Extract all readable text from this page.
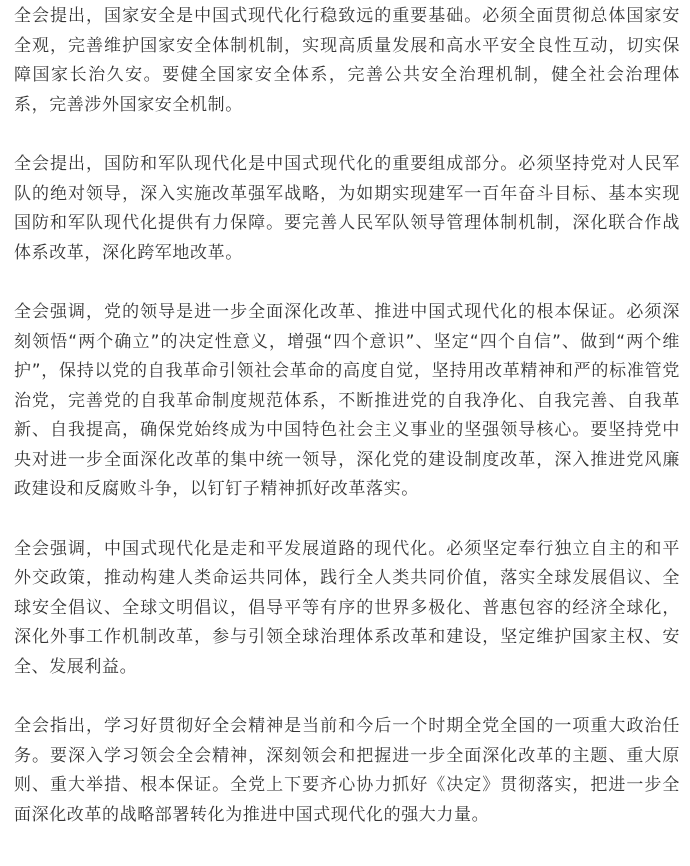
全会提出，国家安全是中国式现代化行稳致远的重要基础。必须全面贯彻总体国家安全观，完善维护国家安全体制机制，实现高质量发展和高水平安全良性互动，切实保障国家长治久安。要健全国家安全体系，完善公共安全治理机制，健全社会治理体系，完善涉外国家安全机制。

全会提出，国防和军队现代化是中国式现代化的重要组成部分。必须坚持党对人民军队的绝对领导，深入实施改革强军战略，为如期实现建军一百年奋斗目标、基本实现国防和军队现代化提供有力保障。要完善人民军队领导管理体制机制，深化联合作战体系改革，深化跨军地改革。

全会强调，党的领导是进一步全面深化改革、推进中国式现代化的根本保证。必须深刻领悟“两个确立”的决定性意义，增强“四个意识”、坚定“四个自信”、做到“两个维护”，保持以党的自我革命引领社会革命的高度自觉，坚持用改革精神和严的标准管党治党，完善党的自我革命制度规范体系，不断推进党的自我净化、自我完善、自我革新、自我提高，确保党始终成为中国特色社会主义事业的坚强领导核心。要坚持党中央对进一步全面深化改革的集中统一领导，深化党的建设制度改革，深入推进党风廉政建设和反腐败斗争，以钉钉子精神抓好改革落实。

全会强调，中国式现代化是走和平发展道路的现代化。必须坚定奉行独立自主的和平外交政策，推动构建人类命运共同体，践行全人类共同价值，落实全球发展倡议、全球安全倡议、全球文明倡议，倡导平等有序的世界多极化、普惠包容的经济全球化，深化外事工作机制改革，参与引领全球治理体系改革和建设，坚定维护国家主权、安全、发展利益。

全会指出，学习好贯彻好全会精神是当前和今后一个时期全党全国的一项重大政治任务。要深入学习领会全会精神，深刻领会和把握进一步全面深化改革的主题、重大原则、重大举措、根本保证。全党上下要齐心协力抓好《决定》贯彻落实，把进一步全面深化改革的战略部署转化为推进中国式现代化的强大力量。
